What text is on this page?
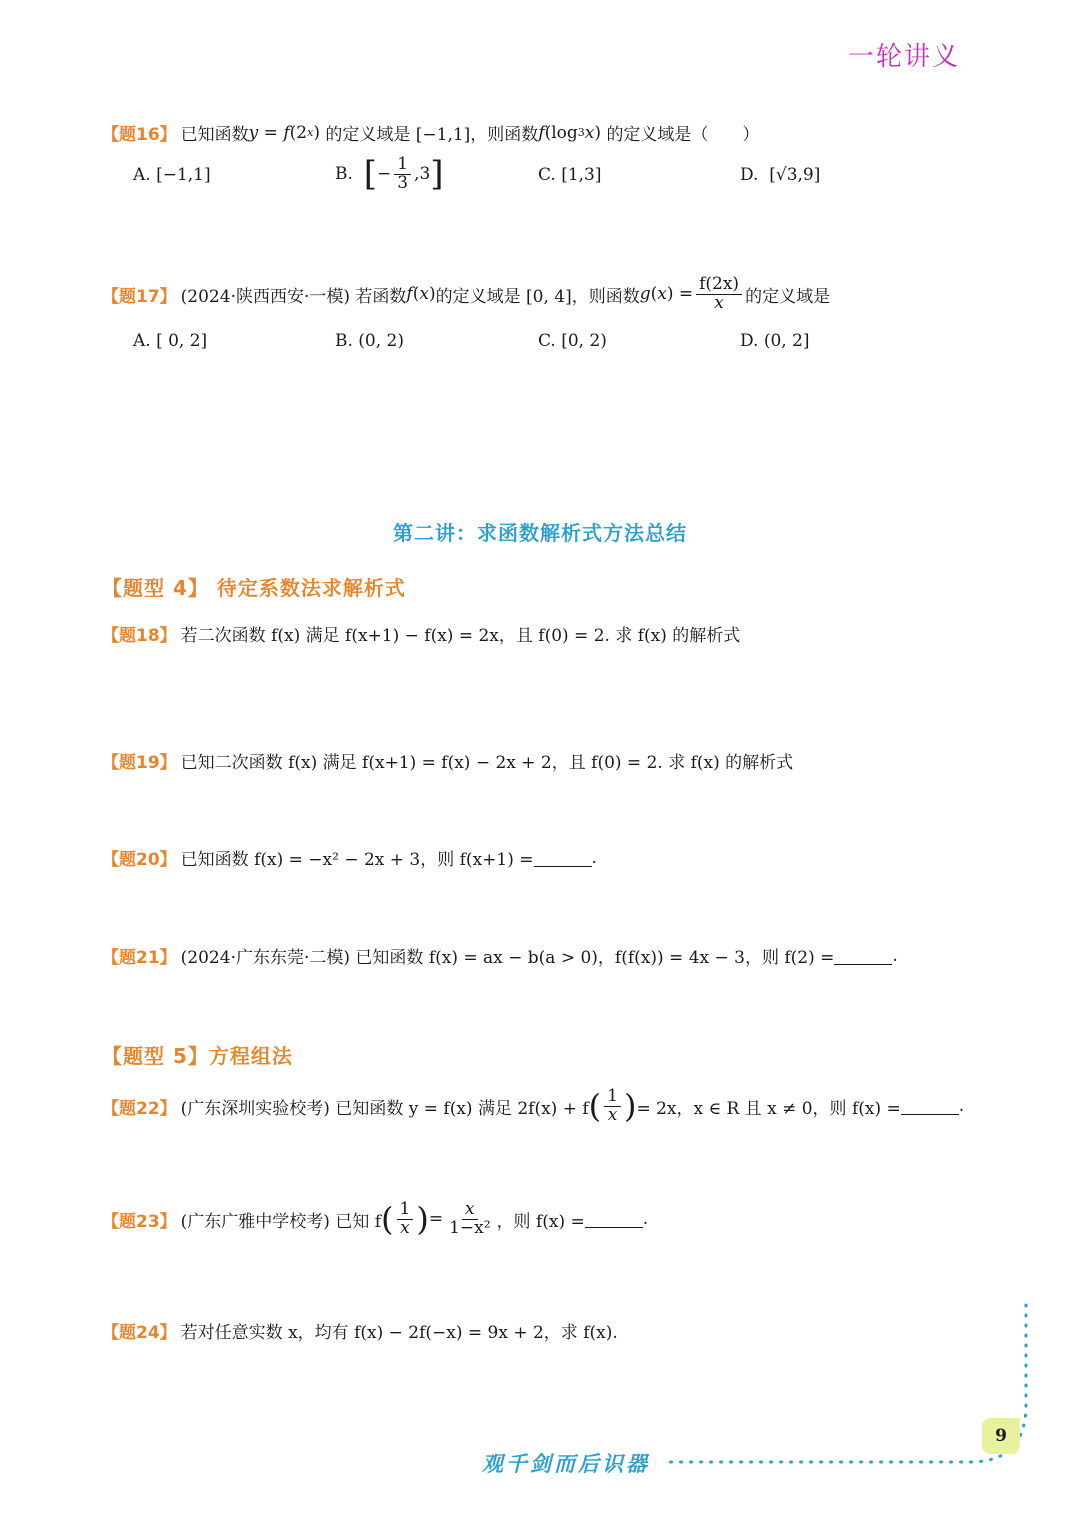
一轮讲义
【题16】 已知函数 y = f (2 x ) 的定义域是 [−1,1]，则函数 f (log 3 x ) 的定义域是（　　）
A. [−1,1]	B.
[ − $\frac{1}{3} ,3$ ]	C. [1,3]	D.
[√3,9]
【题17】 (2024·陕西西安·一模) 若函数 f ( x ) 的定义域是 [0, 4]，则函数 g ( x ) = $\frac{f(2x)}{x}$ 的定义域是
A. [ 0, 2]	B. (0, 2)	C. [0, 2)	D. (0, 2]
第二讲：求函数解析式方法总结
【题型 4】 待定系数法求解析式
【题18】 若二次函数 f(x) 满足 f(x+1) − f(x) = 2x，且 f(0) = 2. 求 f(x) 的解析式
【题19】 已知二次函数 f(x) 满足 f(x+1) = f(x) − 2x + 2，且 f(0) = 2. 求 f(x) 的解析式
【题20】 已知函数 f(x) = −x² − 2x + 3，则 f(x+1) =	.
【题21】 (2024·广东东莞·二模) 已知函数 f(x) = ax − b(a > 0)，f(f(x)) = 4x − 3，则 f(2) =	.
【题型 5】方程组法
【题22】 (广东深圳实验校考) 已知函数 y = f(x) 满足 2f(x) + f ( $\frac{1}{x}$ ) = 2x，x ∈ R 且 x ≠ 0，则 f(x) =	.
【题23】 (广东广雅中学校考) 已知 f ( $\frac{1}{x}$ ) = $\frac{x}{\text{1−x²}}$ ，则 f(x) =	.
【题24】 若对任意实数 x，均有 f(x) − 2f(−x) = 9x + 2，求 f(x).
9
观千剑而后识器
